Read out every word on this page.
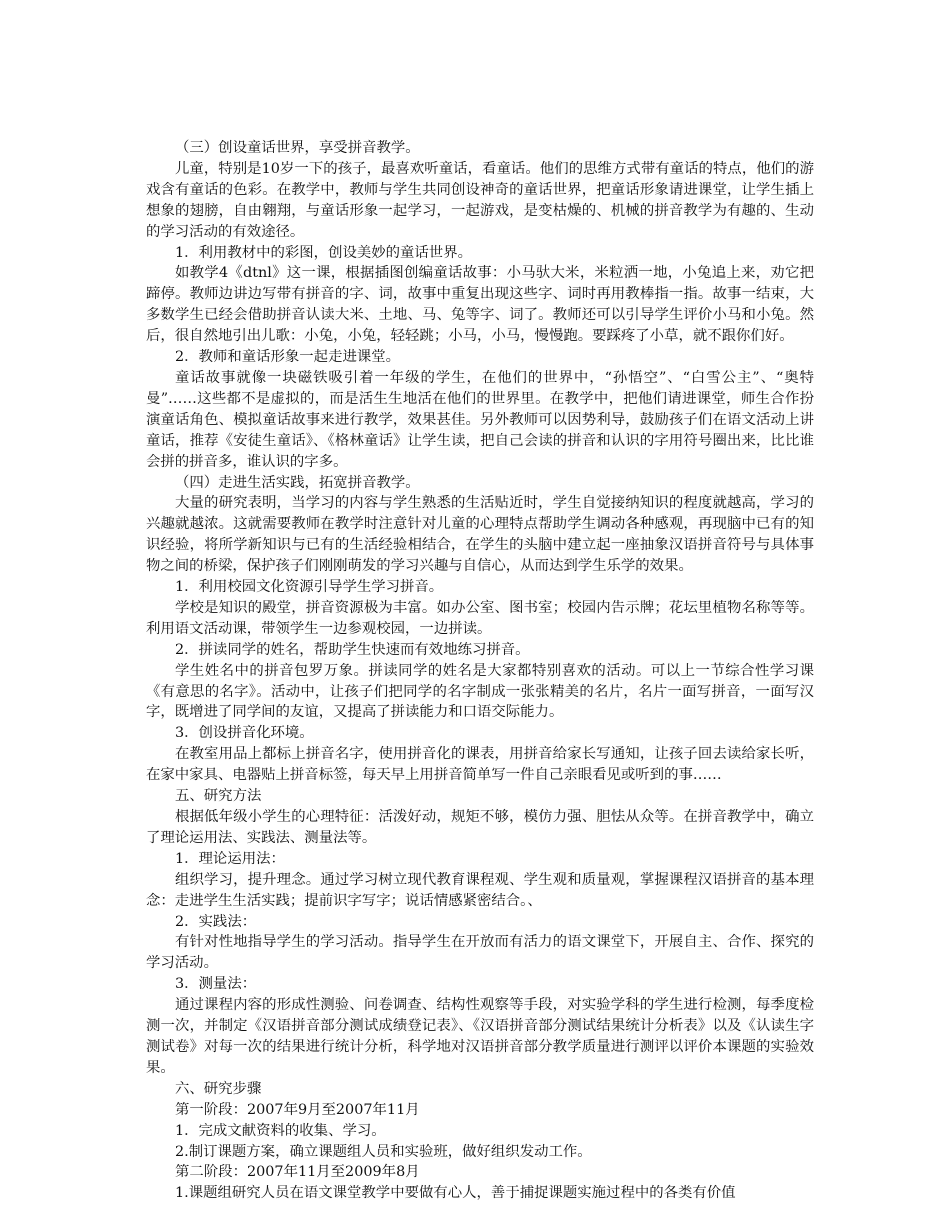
（三）创设童话世界，享受拼音教学。

儿童，特别是10岁一下的孩子，最喜欢听童话，看童话。他们的思维方式带有童话的特点，他们的游戏含有童话的色彩。在教学中，教师与学生共同创设神奇的童话世界，把童话形象请进课堂，让学生插上想象的翅膀，自由翱翔，与童话形象一起学习，一起游戏，是变枯燥的、机械的拼音教学为有趣的、生动的学习活动的有效途径。

1．利用教材中的彩图，创设美妙的童话世界。

如教学4《dtnl》这一课，根据插图创编童话故事：小马驮大米，米粒洒一地，小兔追上来，劝它把蹄停。教师边讲边写带有拼音的字、词，故事中重复出现这些字、词时再用教棒指一指。故事一结束，大多数学生已经会借助拼音认读大米、土地、马、兔等字、词了。教师还可以引导学生评价小马和小兔。然后，很自然地引出儿歌：小兔，小兔，轻轻跳；小马，小马，慢慢跑。要踩疼了小草，就不跟你们好。

2．教师和童话形象一起走进课堂。

童话故事就像一块磁铁吸引着一年级的学生，在他们的世界中，“孙悟空”、“白雪公主”、“奥特曼”……这些都不是虚拟的，而是活生生地活在他们的世界里。在教学中，把他们请进课堂，师生合作扮演童话角色、模拟童话故事来进行教学，效果甚佳。另外教师可以因势利导，鼓励孩子们在语文活动上讲童话，推荐《安徒生童话》、《格林童话》让学生读，把自己会读的拼音和认识的字用符号圈出来，比比谁会拼的拼音多，谁认识的字多。

（四）走进生活实践，拓宽拼音教学。

大量的研究表明，当学习的内容与学生熟悉的生活贴近时，学生自觉接纳知识的程度就越高，学习的兴趣就越浓。这就需要教师在教学时注意针对儿童的心理特点帮助学生调动各种感观，再现脑中已有的知识经验，将所学新知识与已有的生活经验相结合，在学生的头脑中建立起一座抽象汉语拼音符号与具体事物之间的桥梁，保护孩子们刚刚萌发的学习兴趣与自信心，从而达到学生乐学的效果。

1．利用校园文化资源引导学生学习拼音。

学校是知识的殿堂，拼音资源极为丰富。如办公室、图书室；校园内告示牌；花坛里植物名称等等。利用语文活动课，带领学生一边参观校园，一边拼读。

2．拼读同学的姓名，帮助学生快速而有效地练习拼音。

学生姓名中的拼音包罗万象。拼读同学的姓名是大家都特别喜欢的活动。可以上一节综合性学习课《有意思的名字》。活动中，让孩子们把同学的名字制成一张张精美的名片，名片一面写拼音，一面写汉字，既增进了同学间的友谊，又提高了拼读能力和口语交际能力。

3．创设拼音化环境。

在教室用品上都标上拼音名字，使用拼音化的课表，用拼音给家长写通知，让孩子回去读给家长听，在家中家具、电器贴上拼音标签，每天早上用拼音简单写一件自己亲眼看见或听到的事……

五、研究方法

根据低年级小学生的心理特征：活泼好动，规矩不够，模仿力强、胆怯从众等。在拼音教学中，确立了理论运用法、实践法、测量法等。

1．理论运用法：

组织学习，提升理念。通过学习树立现代教育课程观、学生观和质量观，掌握课程汉语拼音的基本理念：走进学生生活实践；提前识字写字；说话情感紧密结合。、

2．实践法：

有针对性地指导学生的学习活动。指导学生在开放而有活力的语文课堂下，开展自主、合作、探究的学习活动。

3．测量法：

通过课程内容的形成性测验、问卷调查、结构性观察等手段，对实验学科的学生进行检测，每季度检测一次，并制定《汉语拼音部分测试成绩登记表》、《汉语拼音部分测试结果统计分析表》以及《认读生字测试卷》对每一次的结果进行统计分析，科学地对汉语拼音部分教学质量进行测评以评价本课题的实验效果。

六、研究步骤

第一阶段：2007年9月至2007年11月

1．完成文献资料的收集、学习。

2.制订课题方案，确立课题组人员和实验班，做好组织发动工作。

第二阶段：2007年11月至2009年8月

1.课题组研究人员在语文课堂教学中要做有心人，善于捕捉课题实施过程中的各类有价值
